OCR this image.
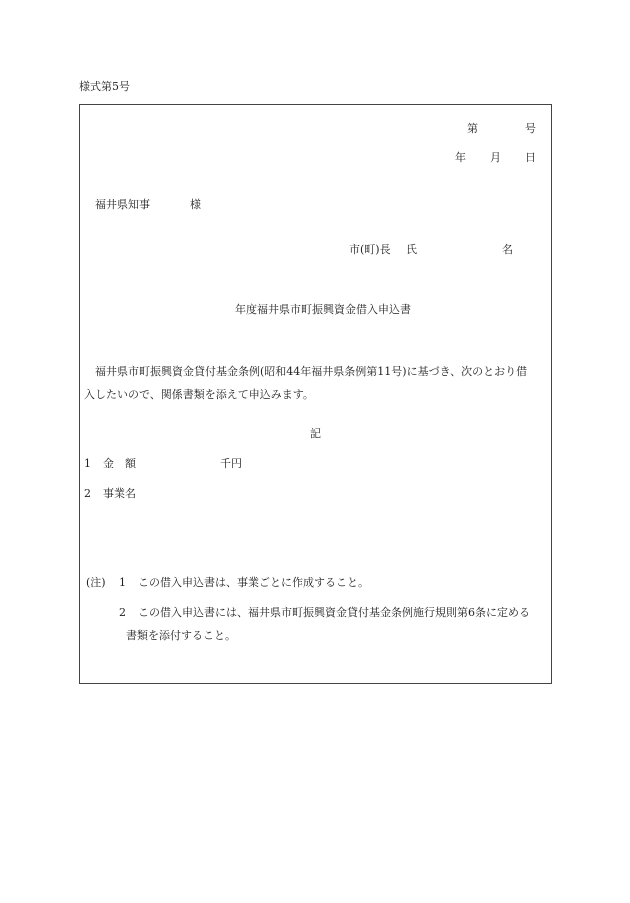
様式第5号
第	号
年 月 日
福井県知事	様
市(町)長 氏	名
年度福井県市町振興資金借入申込書
福井県市町振興資金貸付基金条例(昭和44年福井県条例第11号)に基づき、次のとおり借
入したいので、関係書類を添えて申込みます。
記
1 金　額	千円
2 事業名
(注) 1 この借入申込書は、事業ごとに作成すること。
2 この借入申込書には、福井県市町振興資金貸付基金条例施行規則第6条に定める
書類を添付すること。
